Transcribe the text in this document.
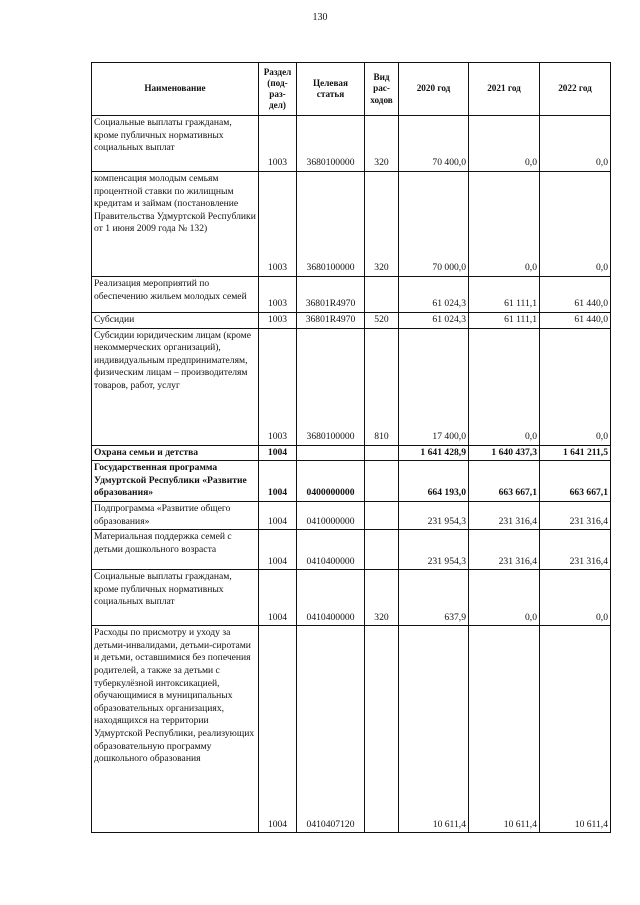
130
Наименование	Раздел (под-раз-дел)	Целевая статья	Вид рас-ходов	2020 год	2021 год	2022 год
Социальные выплаты гражданам, кроме публичных нормативных социальных выплат	1003	3680100000	320	70 400,0	0,0	0,0
компенсация молодым семьям процентной ставки по жилищным кредитам и займам (постановление Правительства Удмуртской Республики от 1 июня 2009 года № 132)	1003	3680100000	320	70 000,0	0,0	0,0
Реализация мероприятий по обеспечению жильем молодых семей	1003	36801R4970		61 024,3	61 111,1	61 440,0
Субсидии	1003	36801R4970	520	61 024,3	61 111,1	61 440,0
Субсидии юридическим лицам (кроме некоммерческих организаций), индивидуальным предпринимателям, физическим лицам – производителям товаров, работ, услуг	1003	3680100000	810	17 400,0	0,0	0,0
Охрана семьи и детства	1004			1 641 428,9	1 640 437,3	1 641 211,5
Государственная программа Удмуртской Республики «Развитие образования»	1004	0400000000		664 193,0	663 667,1	663 667,1
Подпрограмма «Развитие общего образования»	1004	0410000000		231 954,3	231 316,4	231 316,4
Материальная поддержка семей с детьми дошкольного возраста	1004	0410400000		231 954,3	231 316,4	231 316,4
Социальные выплаты гражданам, кроме публичных нормативных социальных выплат	1004	0410400000	320	637,9	0,0	0,0
Расходы по присмотру и уходу за детьми-инвалидами, детьми-сиротами и детьми, оставшимися без попечения родителей, а также за детьми с туберкулёзной интоксикацией, обучающимися в муниципальных образовательных организациях, находящихся на территории Удмуртской Республики, реализующих образовательную программу дошкольного образования	1004	0410407120		10 611,4	10 611,4	10 611,4
